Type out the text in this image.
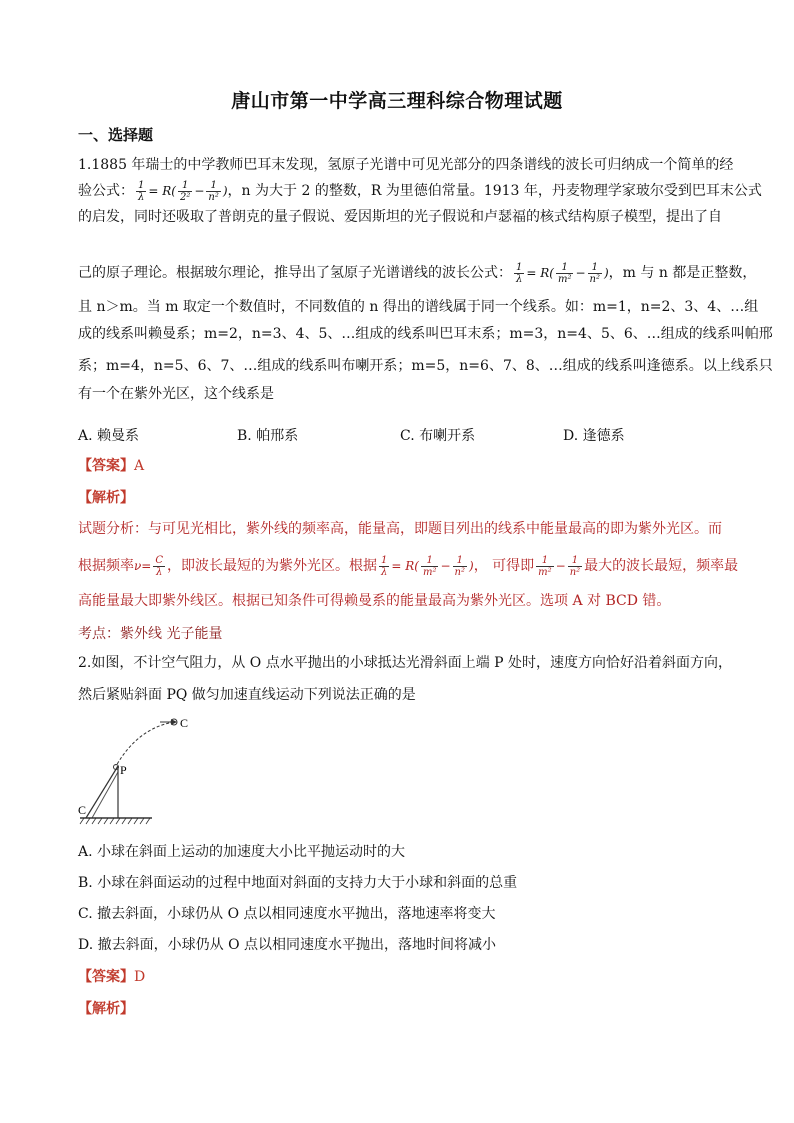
唐山市第一中学高三理科综合物理试题
一、选择题
1.1885 年瑞士的中学教师巴耳末发现，氢原子光谱中可见光部分的四条谱线的波长可归纳成一个简单的经
验公式： $\frac{1}{\lambda} = R( \frac{1}{\text{2²}} - \frac{1}{\text{n²}}$ )，n 为大于 2 的整数，R 为里德伯常量。1913 年，丹麦物理学家玻尔受到巴耳末公式
的启发，同时还吸取了普朗克的量子假说、爱因斯坦的光子假说和卢瑟福的核式结构原子模型，提出了自
己的原子理论。根据玻尔理论，推导出了氢原子光谱谱线的波长公式： $\frac{1}{\lambda} = R( \frac{1}{\text{m²}} - \frac{1}{\text{n²}}$ )，m 与 n 都是正整数，
且 n＞m。当 m 取定一个数值时，不同数值的 n 得出的谱线属于同一个线系。如：m=1，n=2、3、4、…组
成的线系叫赖曼系；m=2，n=3、4、5、…组成的线系叫巴耳末系；m=3，n=4、5、6、…组成的线系叫帕邢
系；m=4，n=5、6、7、…组成的线系叫布喇开系；m=5，n=6、7、8、…组成的线系叫逢德系。以上线系只
有一个在紫外光区，这个线系是
A. 赖曼系	B. 帕邢系	C. 布喇开系	D. 逢德系
【答案】A
【解析】
试题分析：与可见光相比，紫外线的频率高，能量高，即题目列出的线系中能量最高的即为紫外光区。而
根据频率$\nu= \frac{C}{\lambda}$ ，即波长最短的为紫外光区。根据 $\frac{1}{\lambda} = R( \frac{1}{\text{m²}} - \frac{1}{\text{n²}}$ )， 可得即 $\frac{1}{\text{m²}} - \frac{1}{\text{n²}}$ 最大的波长最短，频率最
高能量最大即紫外线区。根据已知条件可得赖曼系的能量最高为紫外光区。选项 A 对 BCD 错。
考点：紫外线 光子能量
2.如图，不计空气阻力，从 O 点水平抛出的小球抵达光滑斜面上端 P 处时，速度方向恰好沿着斜面方向，
然后紧贴斜面 PQ 做匀加速直线运动下列说法正确的是
C
P
C
A. 小球在斜面上运动的加速度大小比平抛运动时的大
B. 小球在斜面运动的过程中地面对斜面的支持力大于小球和斜面的总重
C. 撤去斜面，小球仍从 O 点以相同速度水平抛出，落地速率将变大
D. 撤去斜面，小球仍从 O 点以相同速度水平抛出，落地时间将减小
【答案】D
【解析】
